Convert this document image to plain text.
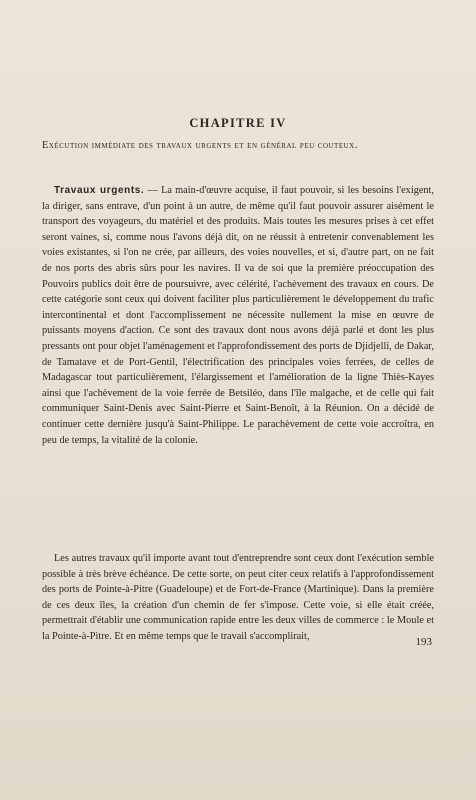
CHAPITRE IV
Exécution immédiate des travaux urgents et en général peu couteux.

Travaux urgents. — La main-d'œuvre acquise, il faut pouvoir, si les besoins l'exigent, la diriger, sans entrave, d'un point à un autre, de même qu'il faut pouvoir assurer aisément le transport des voyageurs, du matériel et des produits. Mais toutes les mesures prises à cet effet seront vaines, si, comme nous l'avons déjà dit, on ne réussit à entretenir convenablement les voies existantes, si l'on ne crée, par ailleurs, des voies nouvelles, et si, d'autre part, on ne fait de nos ports des abris sûrs pour les navires. Il va de soi que la première préoccupation des Pouvoirs publics doit être de poursuivre, avec célérité, l'achèvement des travaux en cours. De cette catégorie sont ceux qui doivent faciliter plus particulièrement le développement du trafic intercontinental et dont l'accomplissement ne nécessite nullement la mise en œuvre de puissants moyens d'action. Ce sont des travaux dont nous avons déjà parlé et dont les plus pressants ont pour objet l'aménagement et l'approfondissement des ports de Djidjelli, de Dakar, de Tamatave et de Port-Gentil, l'électrification des principales voies ferrées, de celles de Madagascar tout particulièrement, l'élargissement et l'amélioration de la ligne Thiès-Kayes ainsi que l'achèvement de la voie ferrée de Betsiléo, dans l'île malgache, et de celle qui fait communiquer Saint-Denis avec Saint-Pierre et Saint-Benoît, à la Réunion. On a décidé de continuer cette dernière jusqu'à Saint-Philippe. Le parachèvement de cette voie accroîtra, en peu de temps, la vitalité de la colonie.

Les autres travaux qu'il importe avant tout d'entreprendre sont ceux dont l'exécution semble possible à très brève échéance. De cette sorte, on peut citer ceux relatifs à l'approfondissement des ports de Pointe-à-Pitre (Guadeloupe) et de Fort-de-France (Martinique). Dans la première de ces deux îles, la création d'un chemin de fer s'impose. Cette voie, si elle était créée, permettrait d'établir une communication rapide entre les deux villes de commerce : le Moule et la Pointe-à-Pitre. Et en même temps que le travail s'accomplirait,	193
